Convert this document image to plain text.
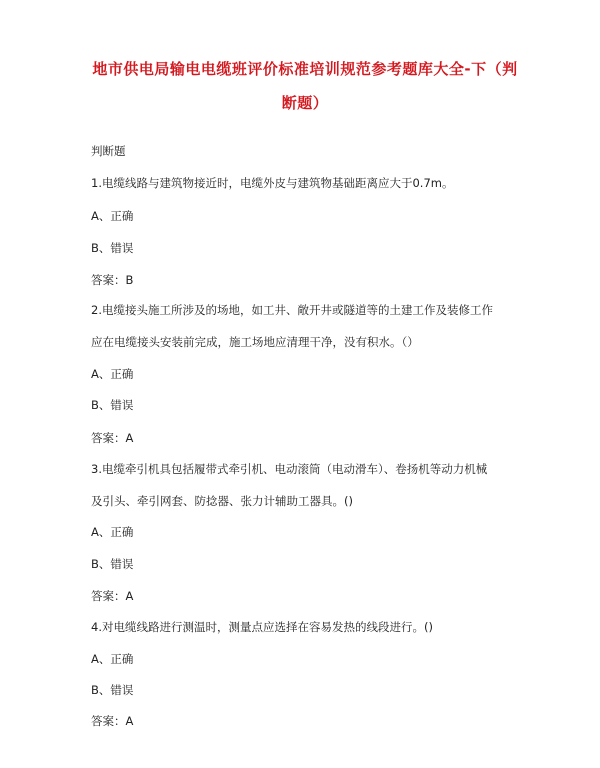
地市供电局输电电缆班评价标准培训规范参考题库大全-下（判
断题）
判断题
1.电缆线路与建筑物接近时，电缆外皮与建筑物基础距离应大于0.7m。
A、正确
B、错误
答案：B
2.电缆接头施工所涉及的场地，如工井、敞开井或隧道等的土建工作及装修工作
应在电缆接头安装前完成，施工场地应清理干净，没有积水。（）
A、正确
B、错误
答案：A
3.电缆牵引机具包括履带式牵引机、电动滚筒（电动滑车）、卷扬机等动力机械
及引头、牵引网套、防捻器、张力计辅助工器具。()
A、正确
B、错误
答案：A
4.对电缆线路进行测温时，测量点应选择在容易发热的线段进行。()
A、正确
B、错误
答案：A
